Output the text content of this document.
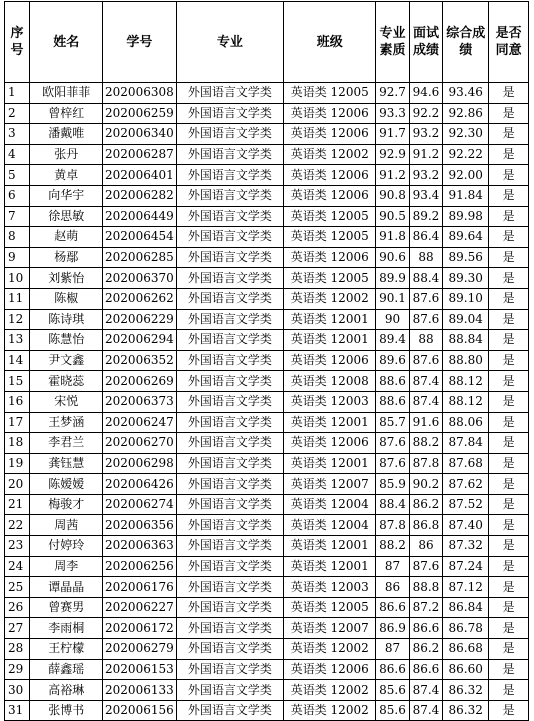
序号	姓名	学号	专业	班级	专业素质	面试成绩	综合成绩	是否同意
1	欧阳菲菲	202006308	外国语言文学类	英语类 12005	92.7	94.6	93.46	是
2	曾梓红	202006259	外国语言文学类	英语类 12006	93.3	92.2	92.86	是
3	潘戴唯	202006340	外国语言文学类	英语类 12006	91.7	93.2	92.30	是
4	张丹	202006287	外国语言文学类	英语类 12002	92.9	91.2	92.22	是
5	黄卓	202006401	外国语言文学类	英语类 12006	91.2	93.2	92.00	是
6	向华宇	202006282	外国语言文学类	英语类 12006	90.8	93.4	91.84	是
7	徐思敏	202006449	外国语言文学类	英语类 12005	90.5	89.2	89.98	是
8	赵萌	202006454	外国语言文学类	英语类 12005	91.8	86.4	89.64	是
9	杨鄢	202006285	外国语言文学类	英语类 12006	90.6	88	89.56	是
10	刘紫怡	202006370	外国语言文学类	英语类 12005	89.9	88.4	89.30	是
11	陈椒	202006262	外国语言文学类	英语类 12002	90.1	87.6	89.10	是
12	陈诗琪	202006229	外国语言文学类	英语类 12001	90	87.6	89.04	是
13	陈慧怡	202006294	外国语言文学类	英语类 12001	89.4	88	88.84	是
14	尹文鑫	202006352	外国语言文学类	英语类 12006	89.6	87.6	88.80	是
15	霍晓蕊	202006269	外国语言文学类	英语类 12008	88.6	87.4	88.12	是
16	宋悦	202006373	外国语言文学类	英语类 12003	88.6	87.4	88.12	是
17	王梦涵	202006247	外国语言文学类	英语类 12001	85.7	91.6	88.06	是
18	李君兰	202006270	外国语言文学类	英语类 12006	87.6	88.2	87.84	是
19	龚钰慧	202006298	外国语言文学类	英语类 12001	87.6	87.8	87.68	是
20	陈嫒嫒	202006426	外国语言文学类	英语类 12007	85.9	90.2	87.62	是
21	梅骏才	202006274	外国语言文学类	英语类 12004	88.4	86.2	87.52	是
22	周茜	202006356	外国语言文学类	英语类 12004	87.8	86.8	87.40	是
23	付婷玲	202006363	外国语言文学类	英语类 12001	88.2	86	87.32	是
24	周李	202006256	外国语言文学类	英语类 12001	87	87.6	87.24	是
25	谭晶晶	202006176	外国语言文学类	英语类 12003	86	88.8	87.12	是
26	曾赛男	202006227	外国语言文学类	英语类 12005	86.6	87.2	86.84	是
27	李雨桐	202006172	外国语言文学类	英语类 12007	86.9	86.6	86.78	是
28	王柠檬	202006279	外国语言文学类	英语类 12002	87	86.2	86.68	是
29	薛鑫瑶	202006153	外国语言文学类	英语类 12006	86.6	86.6	86.60	是
30	高裕琳	202006133	外国语言文学类	英语类 12002	85.6	87.4	86.32	是
31	张博书	202006156	外国语言文学类	英语类 12002	85.6	87.4	86.32	是
